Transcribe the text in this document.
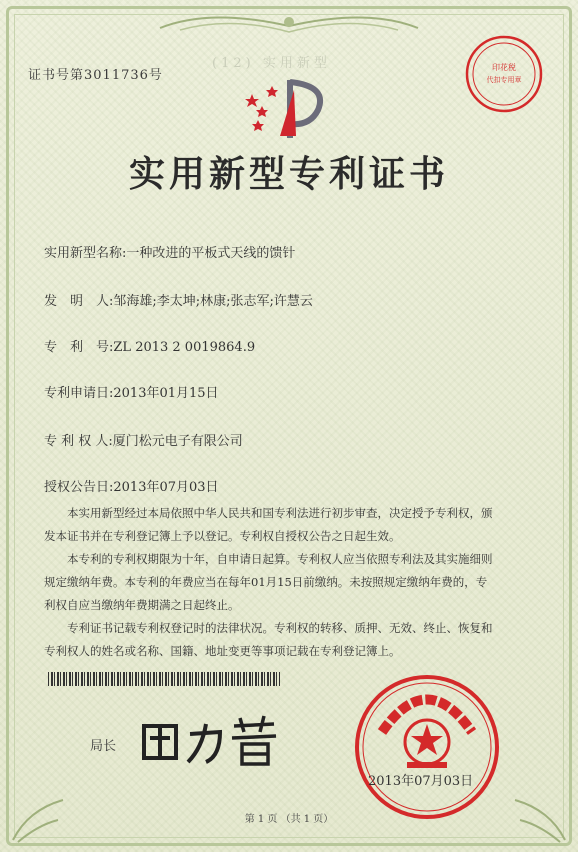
(12) 实用新型
证书号第3011736号
印花税
代扣专用章
实用新型专利证书
实用新型名称:一种改进的平板式天线的馈针
发　明　人:邹海雄;李太坤;林康;张志军;许慧云
专　利　号:ZL 2013 2 0019864.9
专利申请日:2013年01月15日
专 利 权 人:厦门松元电子有限公司
授权公告日:2013年07月03日

本实用新型经过本局依照中华人民共和国专利法进行初步审查，决定授予专利权，颁

发本证书并在专利登记簿上予以登记。专利权自授权公告之日起生效。

本专利的专利权期限为十年，自申请日起算。专利权人应当依照专利法及其实施细则

规定缴纳年费。本专利的年费应当在每年01月15日前缴纳。未按照规定缴纳年费的，专

利权自应当缴纳年费期满之日起终止。

专利证书记载专利权登记时的法律状况。专利权的转移、质押、无效、终止、恢复和

专利权人的姓名或名称、国籍、地址变更等事项记载在专利登记簿上。

局长
2013年07月03日
第 1 页 （共 1 页）
